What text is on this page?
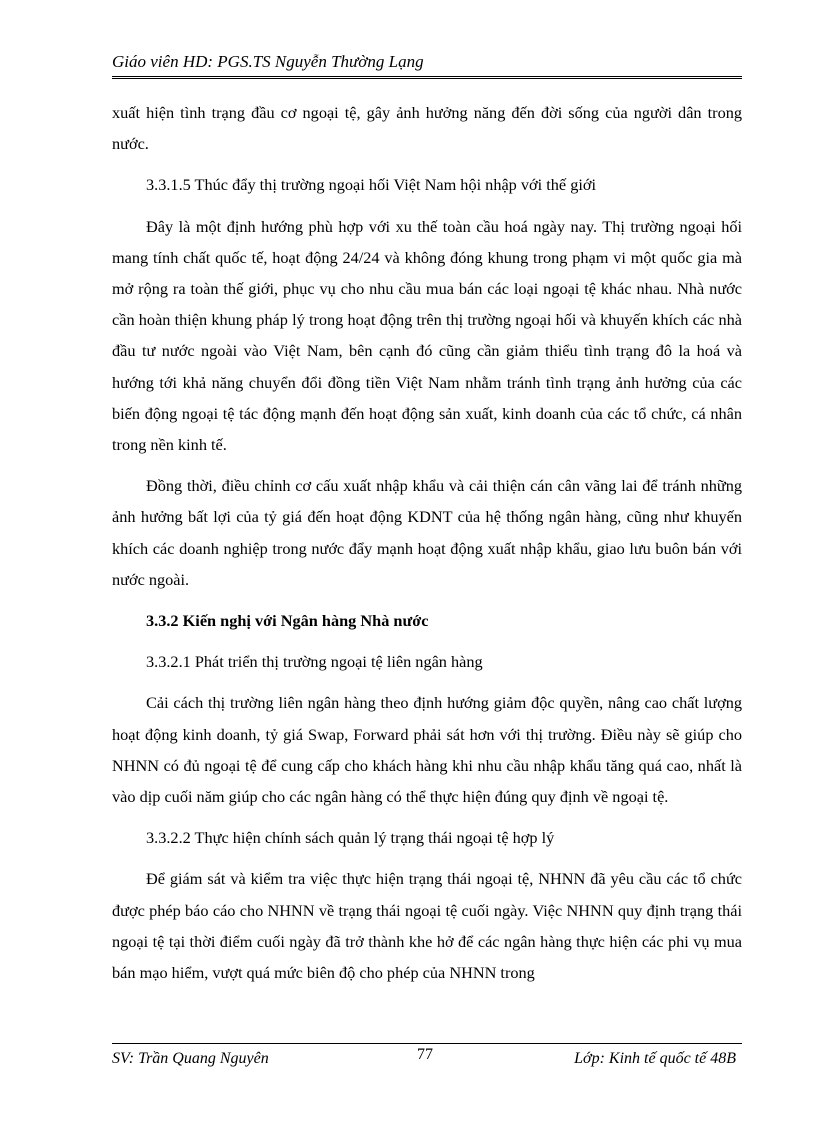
Giáo viên HD: PGS.TS Nguyễn Thường Lạng

xuất hiện tình trạng đầu cơ ngoại tệ, gây ảnh hưởng năng đến đời sống của người dân trong nước.

3.3.1.5 Thúc đẩy thị trường ngoại hối Việt Nam hội nhập với thế giới

Đây là một định hướng phù hợp với xu thế toàn cầu hoá ngày nay. Thị trường ngoại hối mang tính chất quốc tế, hoạt động 24/24 và không đóng khung trong phạm vi một quốc gia mà mở rộng ra toàn thế giới, phục vụ cho nhu cầu mua bán các loại ngoại tệ khác nhau. Nhà nước cần hoàn thiện khung pháp lý trong hoạt động trên thị trường ngoại hối và khuyến khích các nhà đầu tư nước ngoài vào Việt Nam, bên cạnh đó cũng cần giảm thiểu tình trạng đô la hoá và hướng tới khả năng chuyển đổi đồng tiền Việt Nam nhằm tránh tình trạng ảnh hưởng của các biến động ngoại tệ tác động mạnh đến hoạt động sản xuất, kinh doanh của các tổ chức, cá nhân trong nền kinh tế.

Đồng thời, điều chỉnh cơ cấu xuất nhập khẩu và cải thiện cán cân vãng lai để tránh những ảnh hưởng bất lợi của tỷ giá đến hoạt động KDNT của hệ thống ngân hàng, cũng như khuyến khích các doanh nghiệp trong nước đẩy mạnh hoạt động xuất nhập khẩu, giao lưu buôn bán với nước ngoài.

3.3.2 Kiến nghị với Ngân hàng Nhà nước

3.3.2.1 Phát triển thị trường ngoại tệ liên ngân hàng

Cải cách thị trường liên ngân hàng theo định hướng giảm độc quyền, nâng cao chất lượng hoạt động kinh doanh, tỷ giá Swap, Forward phải sát hơn với thị trường. Điều này sẽ giúp cho NHNN có đủ ngoại tệ để cung cấp cho khách hàng khi nhu cầu nhập khẩu tăng quá cao, nhất là vào dịp cuối năm giúp cho các ngân hàng có thể thực hiện đúng quy định về ngoại tệ.

3.3.2.2 Thực hiện chính sách quản lý trạng thái ngoại tệ hợp lý

Để giám sát và kiểm tra việc thực hiện trạng thái ngoại tệ, NHNN đã yêu cầu các tổ chức được phép báo cáo cho NHNN về trạng thái ngoại tệ cuối ngày. Việc NHNN quy định trạng thái ngoại tệ tại thời điểm cuối ngày đã trở thành khe hở để các ngân hàng thực hiện các phi vụ mua bán mạo hiểm, vượt quá mức biên độ cho phép của NHNN trong

SV: Trần Quang Nguyên	77	Lớp: Kinh tế quốc tế 48B
